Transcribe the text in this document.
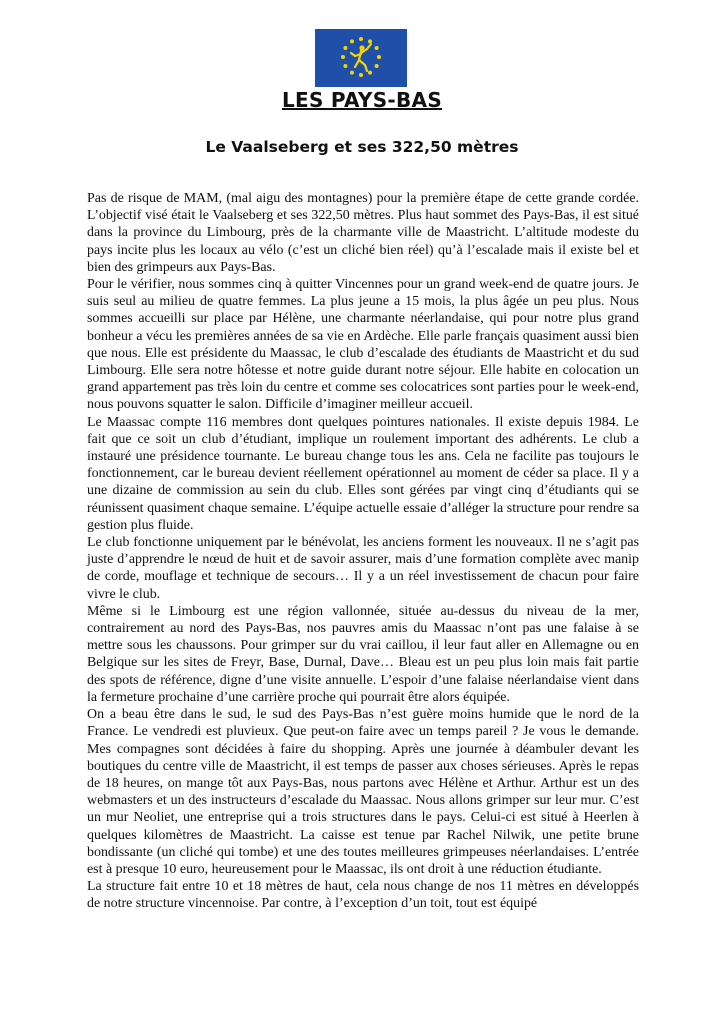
LES PAYS-BAS
Le Vaalseberg et ses 322,50 mètres

Pas de risque de MAM, (mal aigu des montagnes) pour la première étape de cette grande cordée. L’objectif visé était le Vaalseberg et ses 322,50 mètres. Plus haut sommet des Pays-Bas, il est situé dans la province du Limbourg, près de la charmante ville de Maastricht. L’altitude modeste du pays incite plus les locaux au vélo (c’est un cliché bien réel) qu’à l’escalade mais il existe bel et bien des grimpeurs aux Pays-Bas.

Pour le vérifier, nous sommes cinq à quitter Vincennes pour un grand week-end de quatre jours. Je suis seul au milieu de quatre femmes. La plus jeune a 15 mois, la plus âgée un peu plus. Nous sommes accueilli sur place par Hélène, une charmante néerlandaise, qui pour notre plus grand bonheur a vécu les premières années de sa vie en Ardèche. Elle parle français quasiment aussi bien que nous. Elle est présidente du Maassac, le club d’escalade des étudiants de Maastricht et du sud Limbourg. Elle sera notre hôtesse et notre guide durant notre séjour. Elle habite en colocation un grand appartement pas très loin du centre et comme ses colocatrices sont parties pour le week-end, nous pouvons squatter le salon. Difficile d’imaginer meilleur accueil.

Le Maassac compte 116 membres dont quelques pointures nationales. Il existe depuis 1984. Le fait que ce soit un club d’étudiant, implique un roulement important des adhérents. Le club a instauré une présidence tournante. Le bureau change tous les ans. Cela ne facilite pas toujours le fonctionnement, car le bureau devient réellement opérationnel au moment de céder sa place. Il y a une dizaine de commission au sein du club. Elles sont gérées par vingt cinq d’étudiants qui se réunissent quasiment chaque semaine. L’équipe actuelle essaie d’alléger la structure pour rendre sa gestion plus fluide.

Le club fonctionne uniquement par le bénévolat, les anciens forment les nouveaux. Il ne s’agit pas juste d’apprendre le nœud de huit et de savoir assurer, mais d’une formation complète avec manip de corde, mouflage et technique de secours… Il y a un réel investissement de chacun pour faire vivre le club.

Même si le Limbourg est une région vallonnée, située au-dessus du niveau de la mer, contrairement au nord des Pays-Bas, nos pauvres amis du Maassac n’ont pas une falaise à se mettre sous les chaussons. Pour grimper sur du vrai caillou, il leur faut aller en Allemagne ou en Belgique sur les sites de Freyr, Base, Durnal, Dave… Bleau est un peu plus loin mais fait partie des spots de référence, digne d’une visite annuelle. L’espoir d’une falaise néerlandaise vient dans la fermeture prochaine d’une carrière proche qui pourrait être alors équipée.

On a beau être dans le sud, le sud des Pays-Bas n’est guère moins humide que le nord de la France. Le vendredi est pluvieux. Que peut-on faire avec un temps pareil ? Je vous le demande. Mes compagnes sont décidées à faire du shopping. Après une journée à déambuler devant les boutiques du centre ville de Maastricht, il est temps de passer aux choses sérieuses. Après le repas de 18 heures, on mange tôt aux Pays-Bas, nous partons avec Hélène et Arthur. Arthur est un des webmasters et un des instructeurs d’escalade du Maassac. Nous allons grimper sur leur mur. C’est un mur Neoliet, une entreprise qui a trois structures dans le pays. Celui-ci est situé à Heerlen à quelques kilomètres de Maastricht. La caisse est tenue par Rachel Nilwik, une petite brune bondissante (un cliché qui tombe) et une des toutes meilleures grimpeuses néerlandaises. L’entrée est à presque 10 euro, heureusement pour le Maassac, ils ont droit à une réduction étudiante.

La structure fait entre 10 et 18 mètres de haut, cela nous change de nos 11 mètres en développés de notre structure vincennoise. Par contre, à l’exception d’un toit, tout est équipé
